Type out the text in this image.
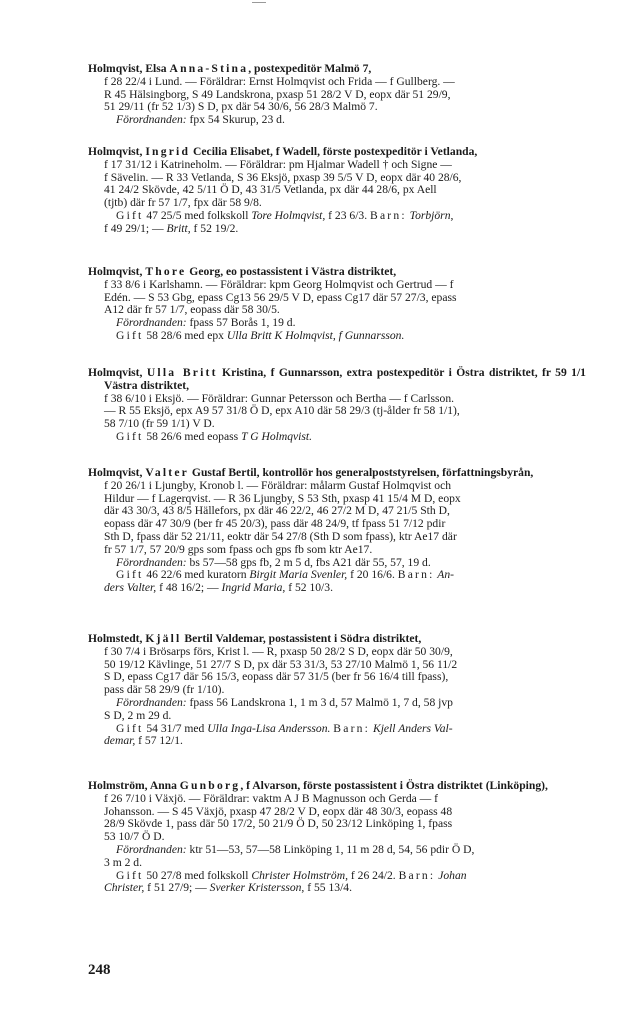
Holmqvist, Elsa Anna-Stina, postexpeditör Malmö 7,
f 28 22/4 i Lund. — Föräldrar: Ernst Holmqvist och Frida — f Gullberg. —
R 45 Hälsingborg, S 49 Landskrona, pxasp 51 28/2 V D, eopx där 51 29/9,
51 29/11 (fr 52 1/3) S D, px där 54 30/6, 56 28/3 Malmö 7.
Förordnanden: fpx 54 Skurup, 23 d.
Holmqvist, Ingrid Cecilia Elisabet, f Wadell, förste postexpeditör i Vetlanda,
f 17 31/12 i Katrineholm. — Föräldrar: pm Hjalmar Wadell † och Signe —
f Sävelin. — R 33 Vetlanda, S 36 Eksjö, pxasp 39 5/5 V D, eopx där 40 28/6,
41 24/2 Skövde, 42 5/11 Ö D, 43 31/5 Vetlanda, px där 44 28/6, px Aell
(tjtb) där fr 57 1/7, fpx där 58 9/8.
Gift 47 25/5 med folkskoll Tore Holmqvist, f 23 6/3. Barn: Torbjörn,
f 49 29/1; — Britt, f 52 19/2.
Holmqvist, Thore Georg, eo postassistent i Västra distriktet,
f 33 8/6 i Karlshamn. — Föräldrar: kpm Georg Holmqvist och Gertrud — f
Edén. — S 53 Gbg, epass Cg13 56 29/5 V D, epass Cg17 där 57 27/3, epass
A12 där fr 57 1/7, eopass där 58 30/5.
Förordnanden: fpass 57 Borås 1, 19 d.
Gift 58 28/6 med epx Ulla Britt K Holmqvist, f Gunnarsson.
Holmqvist, Ulla Britt Kristina, f Gunnarsson, extra postexpeditör i Östra distriktet, fr 59 1/1 Västra distriktet,
f 38 6/10 i Eksjö. — Föräldrar: Gunnar Petersson och Bertha — f Carlsson.
— R 55 Eksjö, epx A9 57 31/8 Ö D, epx A10 där 58 29/3 (tj-ålder fr 58 1/1),
58 7/10 (fr 59 1/1) V D.
Gift 58 26/6 med eopass T G Holmqvist.
Holmqvist, Valter Gustaf Bertil, kontrollör hos generalpoststyrelsen, författningsbyrån,
f 20 26/1 i Ljungby, Kronob l. — Föräldrar: målarm Gustaf Holmqvist och
Hildur — f Lagerqvist. — R 36 Ljungby, S 53 Sth, pxasp 41 15/4 M D, eopx
där 43 30/3, 43 8/5 Hällefors, px där 46 22/2, 46 27/2 M D, 47 21/5 Sth D,
eopass där 47 30/9 (ber fr 45 20/3), pass där 48 24/9, tf fpass 51 7/12 pdir
Sth D, fpass där 52 21/11, eoktr där 54 27/8 (Sth D som fpass), ktr Ae17 där
fr 57 1/7, 57 20/9 gps som fpass och gps fb som ktr Ae17.
Förordnanden: bs 57—58 gps fb, 2 m 5 d, fbs A21 där 55, 57, 19 d.
Gift 46 22/6 med kuratorn Birgit Maria Svenler, f 20 16/6. Barn: An-
ders Valter, f 48 16/2; — Ingrid Maria, f 52 10/3.
Holmstedt, Kjäll Bertil Valdemar, postassistent i Södra distriktet,
f 30 7/4 i Brösarps förs, Krist l. — R, pxasp 50 28/2 S D, eopx där 50 30/9,
50 19/12 Kävlinge, 51 27/7 S D, px där 53 31/3, 53 27/10 Malmö 1, 56 11/2
S D, epass Cg17 där 56 15/3, eopass där 57 31/5 (ber fr 56 16/4 till fpass),
pass där 58 29/9 (fr 1/10).
Förordnanden: fpass 56 Landskrona 1, 1 m 3 d, 57 Malmö 1, 7 d, 58 jvp
S D, 2 m 29 d.
Gift 54 31/7 med Ulla Inga-Lisa Andersson. Barn: Kjell Anders Val-
demar, f 57 12/1.
Holmström, Anna Gunborg, f Alvarson, förste postassistent i Östra distriktet (Linköping),
f 26 7/10 i Växjö. — Föräldrar: vaktm A J B Magnusson och Gerda — f
Johansson. — S 45 Växjö, pxasp 47 28/2 V D, eopx där 48 30/3, eopass 48
28/9 Skövde 1, pass där 50 17/2, 50 21/9 Ö D, 50 23/12 Linköping 1, fpass
53 10/7 Ö D.
Förordnanden: ktr 51—53, 57—58 Linköping 1, 11 m 28 d, 54, 56 pdir Ö D,
3 m 2 d.
Gift 50 27/8 med folkskoll Christer Holmström, f 26 24/2. Barn: Johan
Christer, f 51 27/9; — Sverker Kristersson, f 55 13/4.
248
